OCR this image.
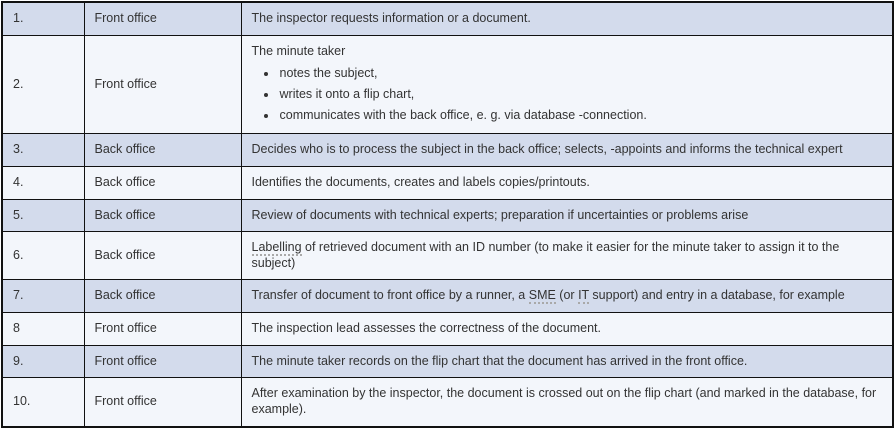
1.	Front office	The inspector requests information or a document.
2.	Front office	
The minute taker
• notes the subject,
• writes it onto a flip chart,
• communicates with the back office, e. g. via database -connection.

3.	Back office	Decides who is to process the subject in the back office; selects, -appoints and informs the technical expert
4.	Back office	Identifies the documents, creates and labels copies/printouts.
5.	Back office	Review of documents with technical experts; preparation if uncertainties or problems arise
6.	Back office	Labelling of retrieved document with an ID number (to make it easier for the minute taker to assign it to the subject)
7.	Back office	Transfer of document to front office by a runner, a SME (or IT support) and entry in a database, for example
8	Front office	The inspection lead assesses the correctness of the document.
9.	Front office	The minute taker records on the flip chart that the document has arrived in the front office.
10.	Front office	After examination by the inspector, the document is crossed out on the flip chart (and marked in the database, for example).
